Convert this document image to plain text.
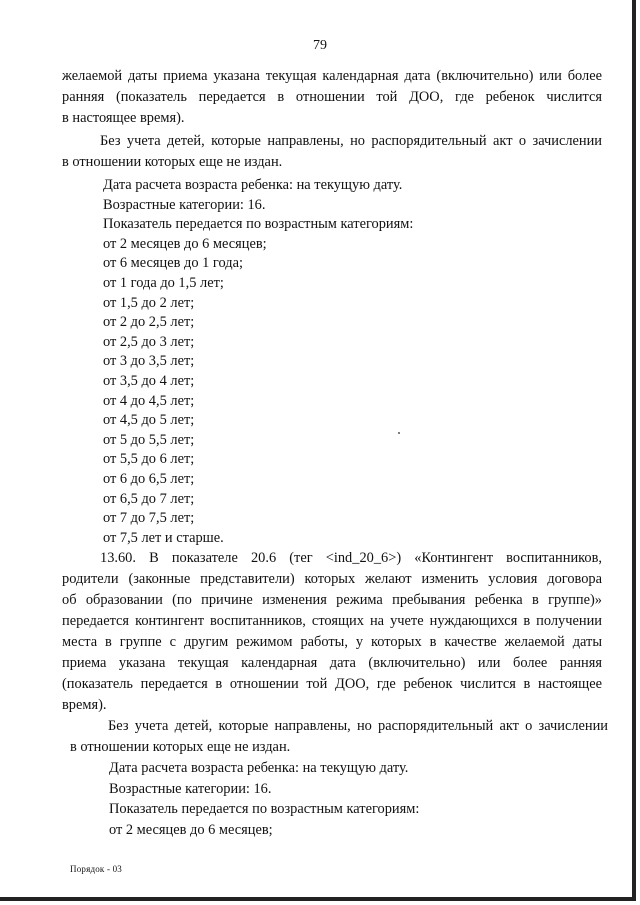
79

желаемой даты приема указана текущая календарная дата (включительно) или более

ранняя (показатель передается в отношении той ДОО, где ребенок числится

в настоящее время).

Без учета детей, которые направлены, но распорядительный акт о зачислении

в отношении которых еще не издан.

Дата расчета возраста ребенка: на текущую дату.

Возрастные категории: 16.

Показатель передается по возрастным категориям:

от 2 месяцев до 6 месяцев;

от 6 месяцев до 1 года;

от 1 года до 1,5 лет;

от 1,5 до 2 лет;

от 2 до 2,5 лет;

от 2,5 до 3 лет;

от 3 до 3,5 лет;

от 3,5 до 4 лет;

от 4 до 4,5 лет;

от 4,5 до 5 лет;

от 5 до 5,5 лет;

от 5,5 до 6 лет;

от 6 до 6,5 лет;

от 6,5 до 7 лет;

от 7 до 7,5 лет;

от 7,5 лет и старше.

13.60. В показателе 20.6 (тег <ind_20_6>) «Контингент воспитанников,

родители (законные представители) которых желают изменить условия договора

об образовании (по причине изменения режима пребывания ребенка в группе)»

передается контингент воспитанников, стоящих на учете нуждающихся в получении

места в группе с другим режимом работы, у которых в качестве желаемой даты

приема указана текущая календарная дата (включительно) или более ранняя

(показатель передается в отношении той ДОО, где ребенок числится в настоящее

время).

Без учета детей, которые направлены, но распорядительный акт о зачислении

в отношении которых еще не издан.

Дата расчета возраста ребенка: на текущую дату.

Возрастные категории: 16.

Показатель передается по возрастным категориям:

от 2 месяцев до 6 месяцев;

Порядок - 03
